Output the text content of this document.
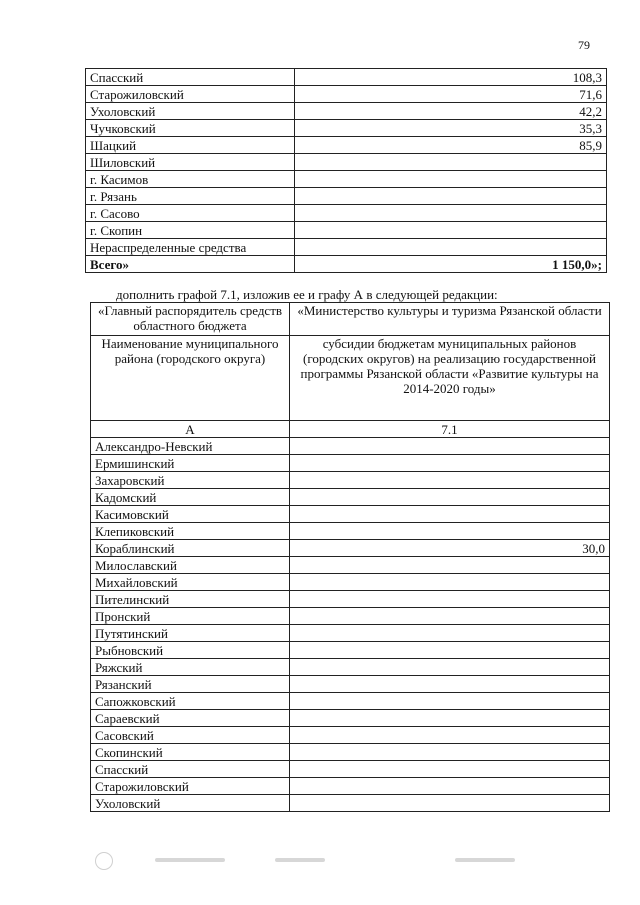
79
Спасский	108,3
Старожиловский	71,6
Ухоловский	42,2
Чучковский	35,3
Шацкий	85,9
Шиловский	
г. Касимов	
г. Рязань	
г. Сасово	
г. Скопин	
Нераспределенные средства	
Всего»	1 150,0»;
дополнить графой 7.1, изложив ее и графу А в следующей редакции:
«Главный распорядитель средств областного бюджета	«Министерство культуры и туризма Рязанской области
Наименование муниципального района (городского округа)	субсидии бюджетам муниципальных районов (городских округов) на реализацию государственной программы Рязанской области «Развитие культуры на 2014-2020 годы»
А	7.1
Александро-Невский	
Ермишинский	
Захаровский	
Кадомский	
Касимовский	
Клепиковский	
Кораблинский	30,0
Милославский	
Михайловский	
Пителинский	
Пронский	
Путятинский	
Рыбновский	
Ряжский	
Рязанский	
Сапожковский	
Сараевский	
Сасовский	
Скопинский	
Спасский	
Старожиловский	
Ухоловский	
